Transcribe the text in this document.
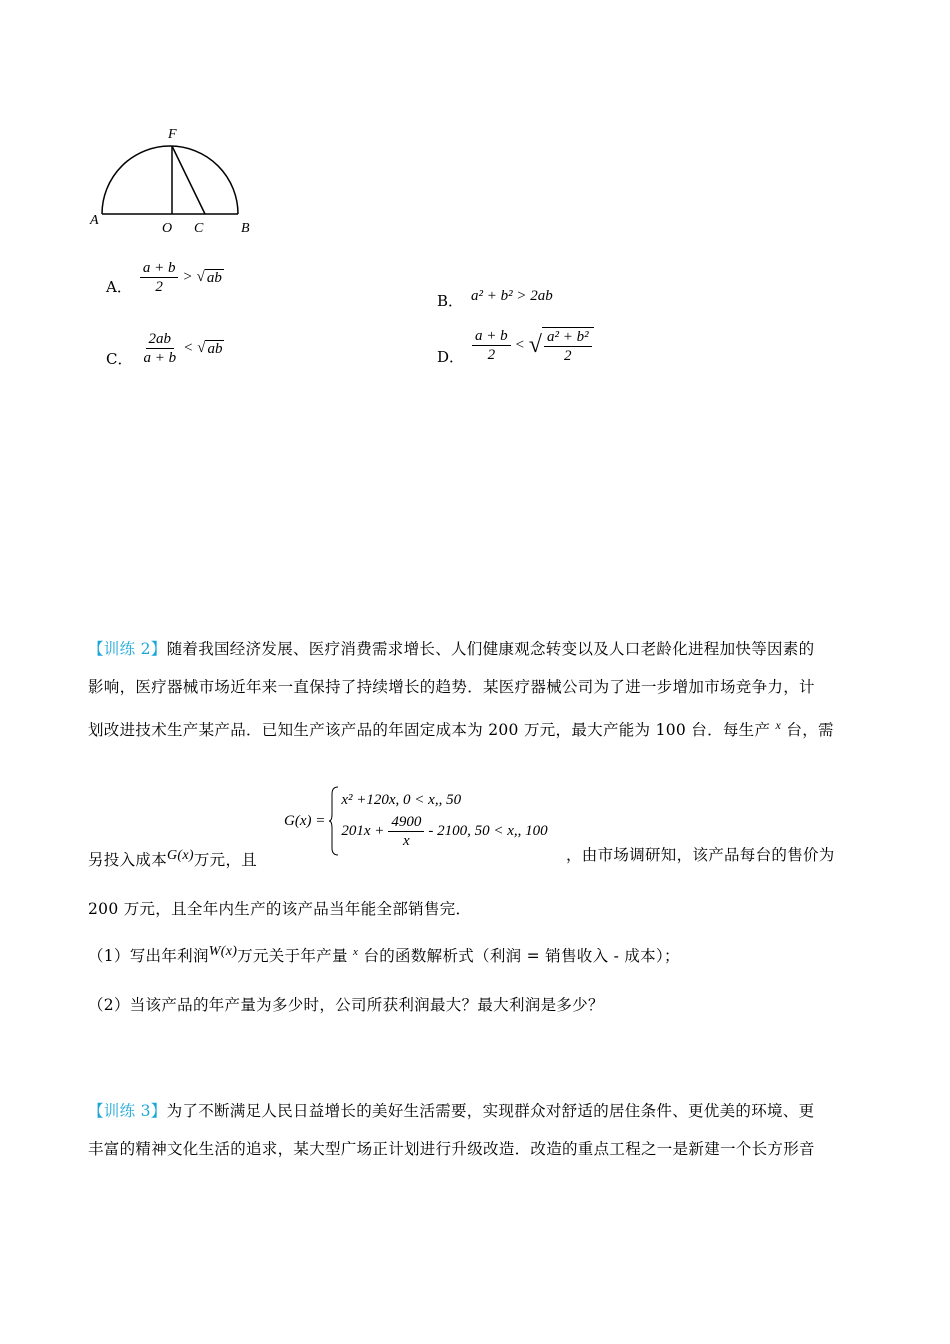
F
A
O C	B
A． $\frac{a + b}{2}$ > √ ab
B． a² + b² > 2ab
C． $\frac{2ab}{a + b}$ < √ ab	D． $\frac{a + b}{2}$ < √ $\frac{\text{a² + b²}}{2}$
【训练 2】随着我国经济发展、医疗消费需求增长、人们健康观念转变以及人口老龄化进程加快等因素的
影响，医疗器械市场近年来一直保持了持续增长的趋势．某医疗器械公司为了进一步增加市场竞争力，计
划改进技术生产某产品．已知生产该产品的年固定成本为 200 万元，最大产能为 100 台．每生产 $^x$ 台，需
G(x) =
x² +120x, 0 < x,, 50
$201x + \frac{4900}{x} - 2100$, 50 < x,, 100
另投入成本$^{G(x)}$万元，且	，由市场调研知，该产品每台的售价为
200 万元，且全年内生产的该产品当年能全部销售完．
（1）写出年利润$^{W(x)}$万元关于年产量 $^x$ 台的函数解析式（利润 = 销售收入 - 成本）；
（2）当该产品的年产量为多少时，公司所获利润最大？最大利润是多少？
【训练 3】为了不断满足人民日益增长的美好生活需要，实现群众对舒适的居住条件、更优美的环境、更
丰富的精神文化生活的追求，某大型广场正计划进行升级改造．改造的重点工程之一是新建一个长方形音
